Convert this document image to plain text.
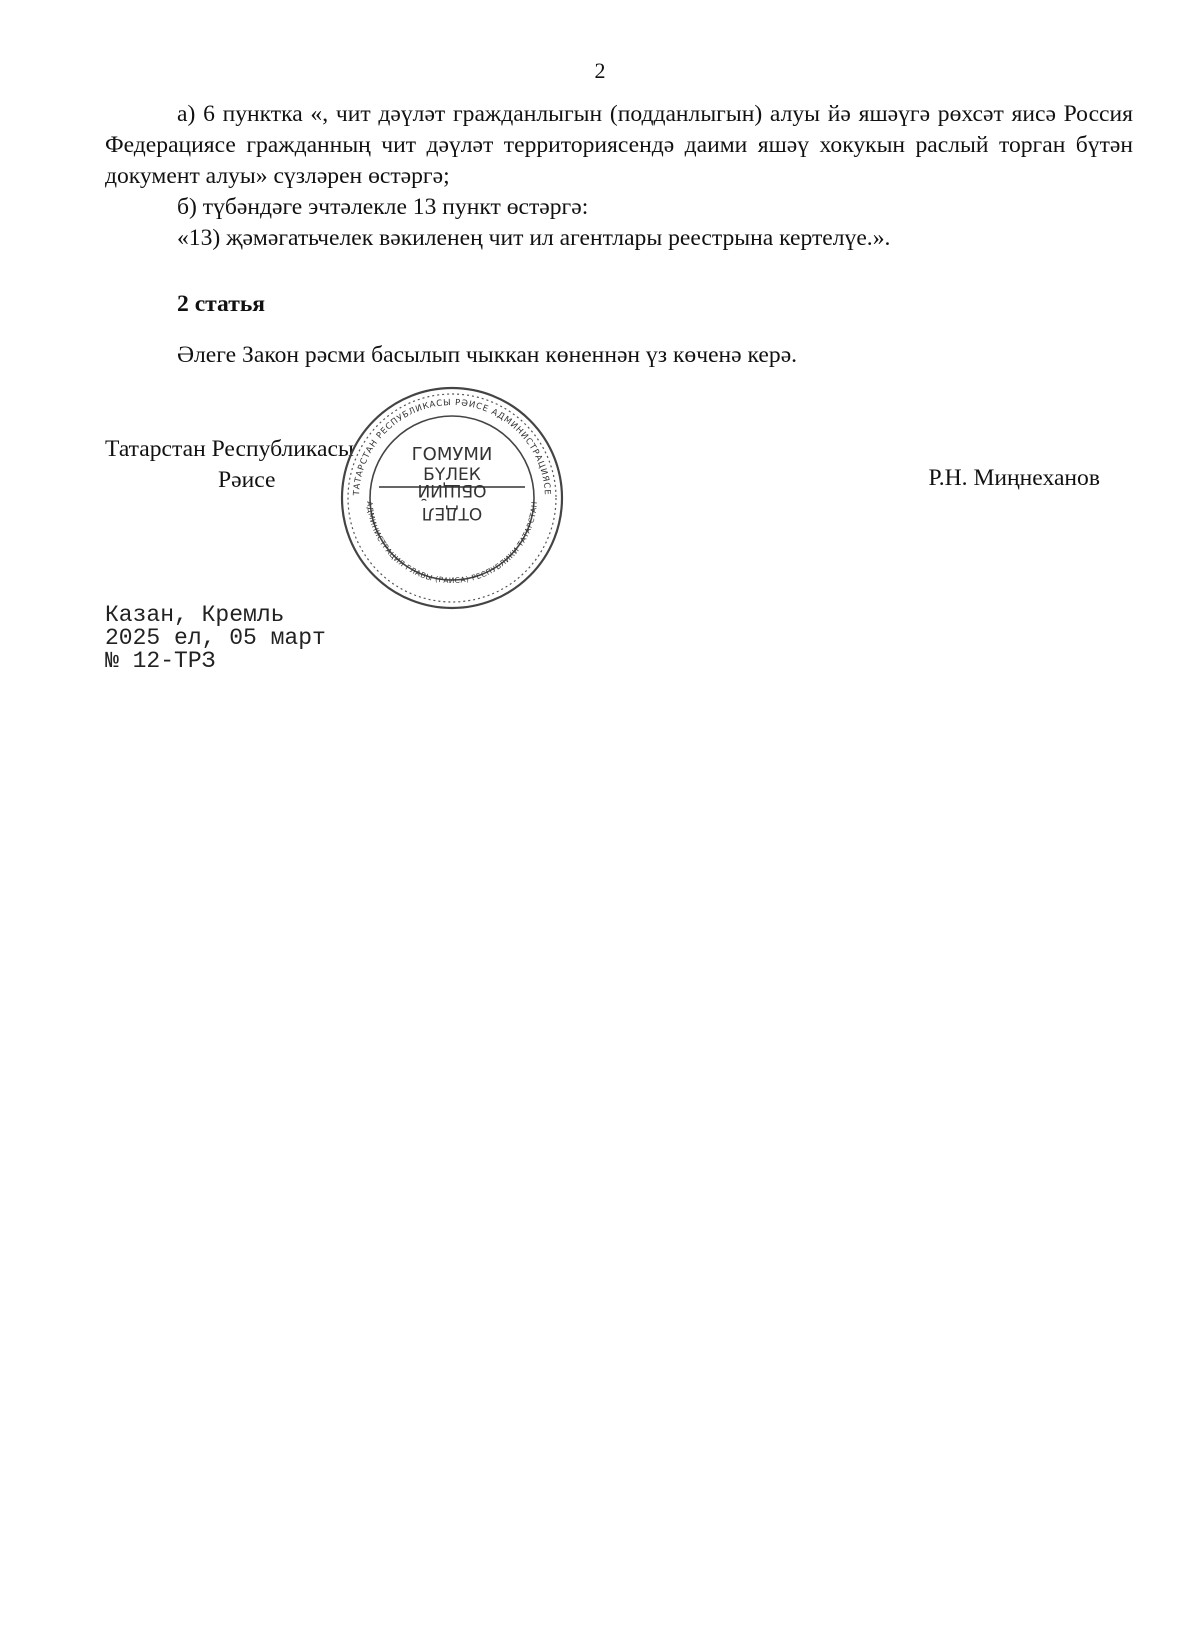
2

а) 6 пунктка «, чит дәүләт гражданлыгын (подданлыгын) алуы йә яшәүгә рөхсәт яисә Россия Федерациясе гражданның чит дәүләт территориясендә даими яшәү хокукын раслый торган бүтән документ алуы» сүзләрен өстәргә;

б) түбәндәге эчтәлекле 13 пункт өстәргә:

«13) җәмәгатьчелек вәкиленең чит ил агентлары реестрына кертелүе.».

2 статья
Әлеге Закон рәсми басылып чыккан көненнән үз көченә керә.
Татарстан Республикасы
Рәисе	ТАТАРСТАН РЕСПУБЛИКАСЫ РӘИСЕ АДМИНИСТРАЦИЯСЕ
АДМИНИСТРАЦИЯ ГЛАВЫ (РАИСА) РЕСПУБЛИКИ ТАТАРСТАН
ГОМУМИ
БҮЛЕК
ОТДЕЛ
ОБЩИЙ	Р.Н. Миңнеханов
Казан, Кремль
2025 ел, 05 март
№ 12-ТРЗ
